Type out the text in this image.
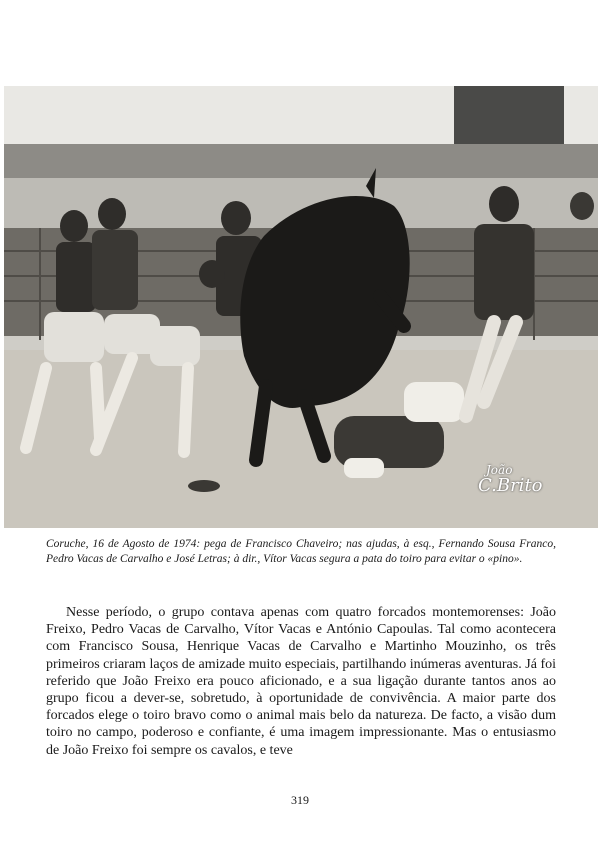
João
C.Brito
Coruche, 16 de Agosto de 1974: pega de Francisco Chaveiro; nas ajudas, à esq., Fernando Sousa Franco, Pedro Vacas de Carvalho e José Letras; à dir., Vítor Vacas segura a pata do toiro para evitar o «pino».

Nesse período, o grupo contava apenas com quatro forcados montemorenses: João Freixo, Pedro Vacas de Carvalho, Vítor Vacas e António Capoulas. Tal como acontecera com Francisco Sousa, Henrique Vacas de Carvalho e Martinho Mouzinho, os três primeiros criaram laços de amizade muito especiais, partilhando inúmeras aventuras. Já foi referido que João Freixo era pouco aficionado, e a sua ligação durante tantos anos ao grupo ficou a dever-se, sobretudo, à oportunidade de convivência. A maior parte dos forcados elege o toiro bravo como o animal mais belo da natureza. De facto, a visão dum toiro no campo, poderoso e confiante, é uma imagem impressionante. Mas o entusiasmo de João Freixo foi sempre os cavalos, e teve

319
